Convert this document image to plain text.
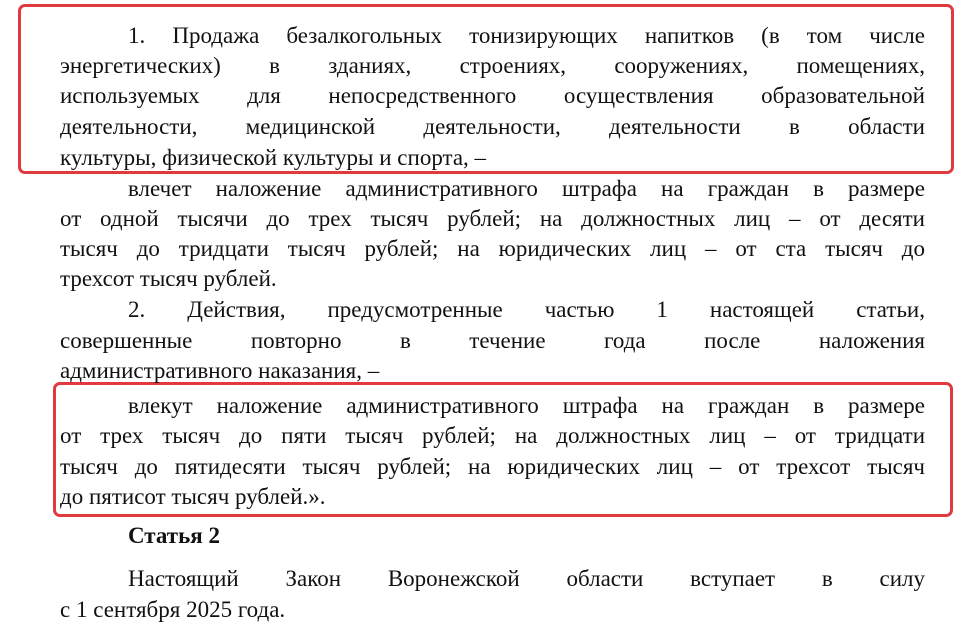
1. Продажа безалкогольных тонизирующих напитков (в том числе
энергетических) в зданиях, строениях, сооружениях, помещениях,
используемых для непосредственного осуществления образовательной
деятельности, медицинской деятельности, деятельности в области
культуры, физической культуры и спорта, –
влечет наложение административного штрафа на граждан в размере
от одной тысячи до трех тысяч рублей; на должностных лиц – от десяти
тысяч до тридцати тысяч рублей; на юридических лиц – от ста тысяч до
трехсот тысяч рублей.
2. Действия, предусмотренные частью 1 настоящей статьи,
совершенные повторно в течение года после наложения
административного наказания, –
влекут наложение административного штрафа на граждан в размере
от трех тысяч до пяти тысяч рублей; на должностных лиц – от тридцати
тысяч до пятидесяти тысяч рублей; на юридических лиц – от трехсот тысяч
до пятисот тысяч рублей.».
Статья 2
Настоящий Закон Воронежской области вступает в силу
с 1 сентября 2025 года.
